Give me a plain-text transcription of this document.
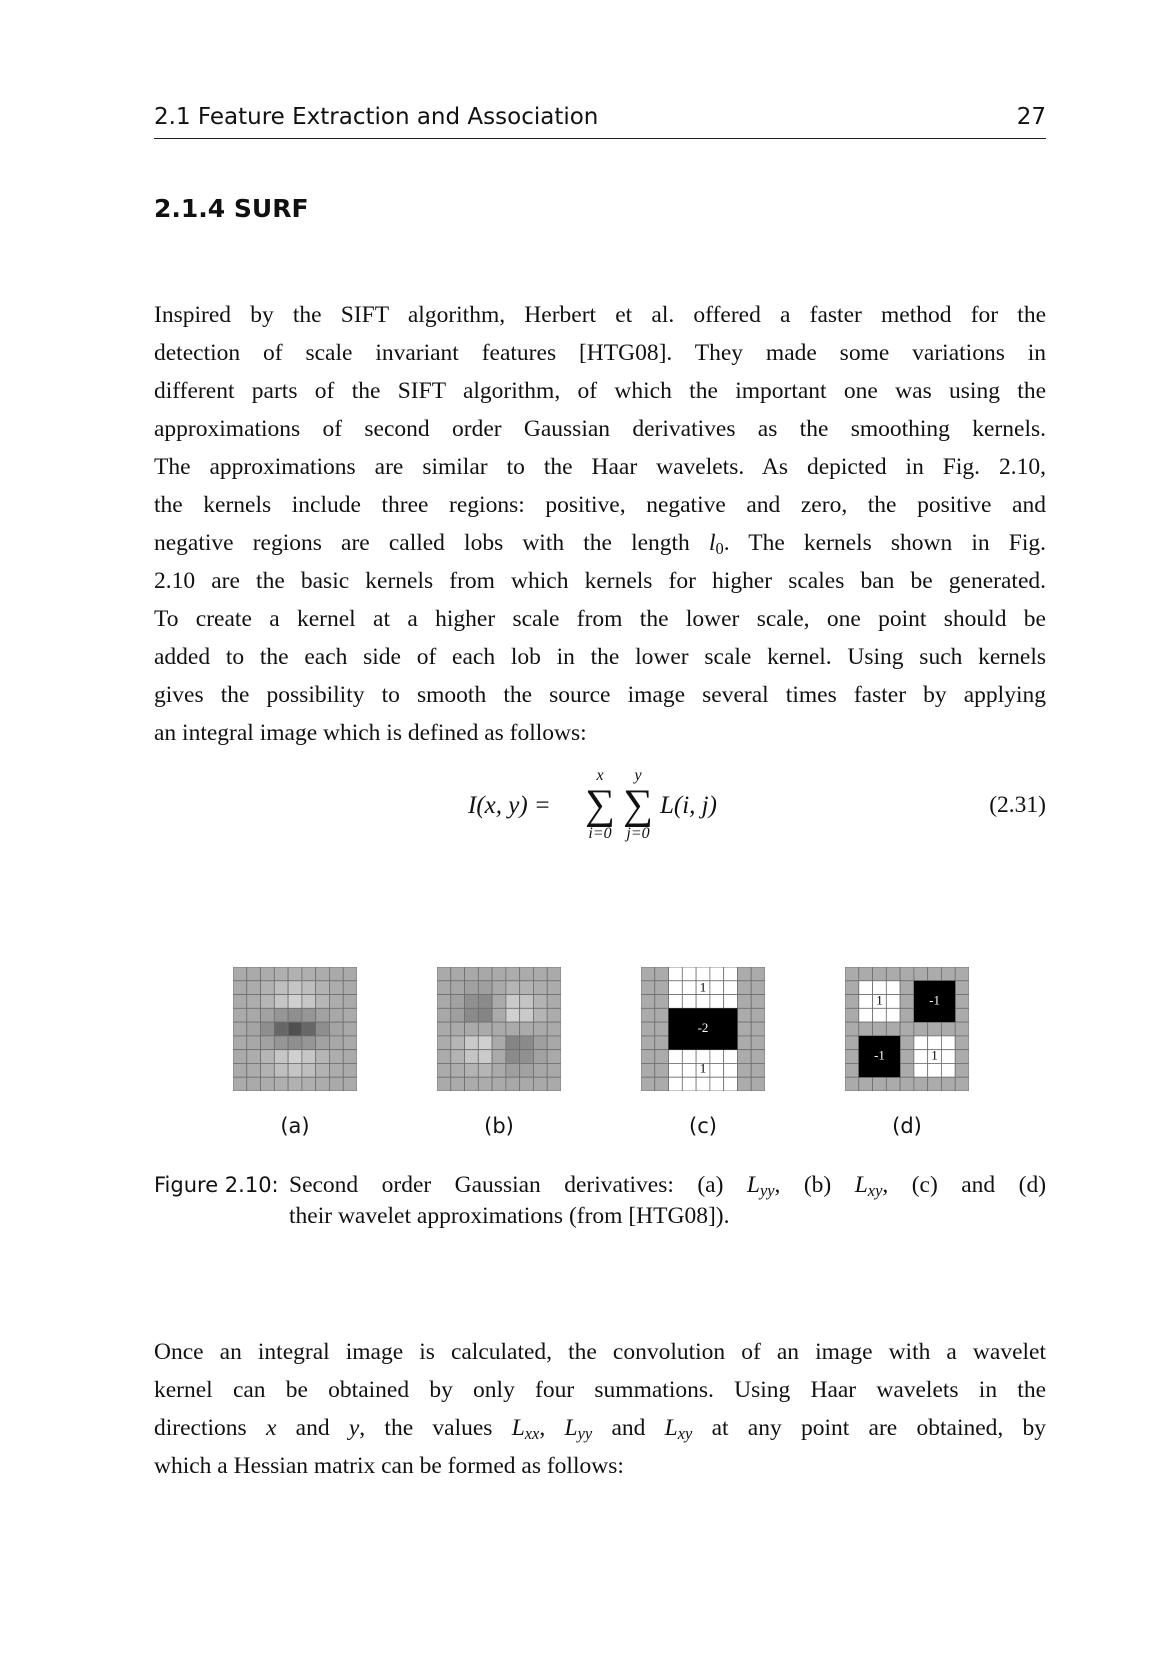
2.1 Feature Extraction and Association	27
2.1.4 SURF
Inspired by the SIFT algorithm, Herbert et al. offered a faster method for the
detection of scale invariant features [HTG08]. They made some variations in
different parts of the SIFT algorithm, of which the important one was using the
approximations of second order Gaussian derivatives as the smoothing kernels.
The approximations are similar to the Haar wavelets. As depicted in Fig. 2.10,
the kernels include three regions: positive, negative and zero, the positive and
negative regions are called lobs with the length $l_0$. The kernels shown in Fig.
2.10 are the basic kernels from which kernels for higher scales ban be generated.
To create a kernel at a higher scale from the lower scale, one point should be
added to the each side of each lob in the lower scale kernel. Using such kernels
gives the possibility to smooth the source image several times faster by applying
an integral image which is defined as follows:
I(x, y) =
x
∑
i=0
y
∑
j=0
L(i, j)	(2.31)
1
-2
1
1	-1
-1	1
(a)	(b)	(c)	(d)
Figure 2.10: Second order Gaussian derivatives: (a) $L_{yy}$, (b) $L_{xy}$, (c) and (d)
their wavelet approximations (from [HTG08]).
Once an integral image is calculated, the convolution of an image with a wavelet
kernel can be obtained by only four summations. Using Haar wavelets in the
directions x and y, the values $L_{xx}$, $L_{yy}$ and $L_{xy}$ at any point are obtained, by
which a Hessian matrix can be formed as follows:
